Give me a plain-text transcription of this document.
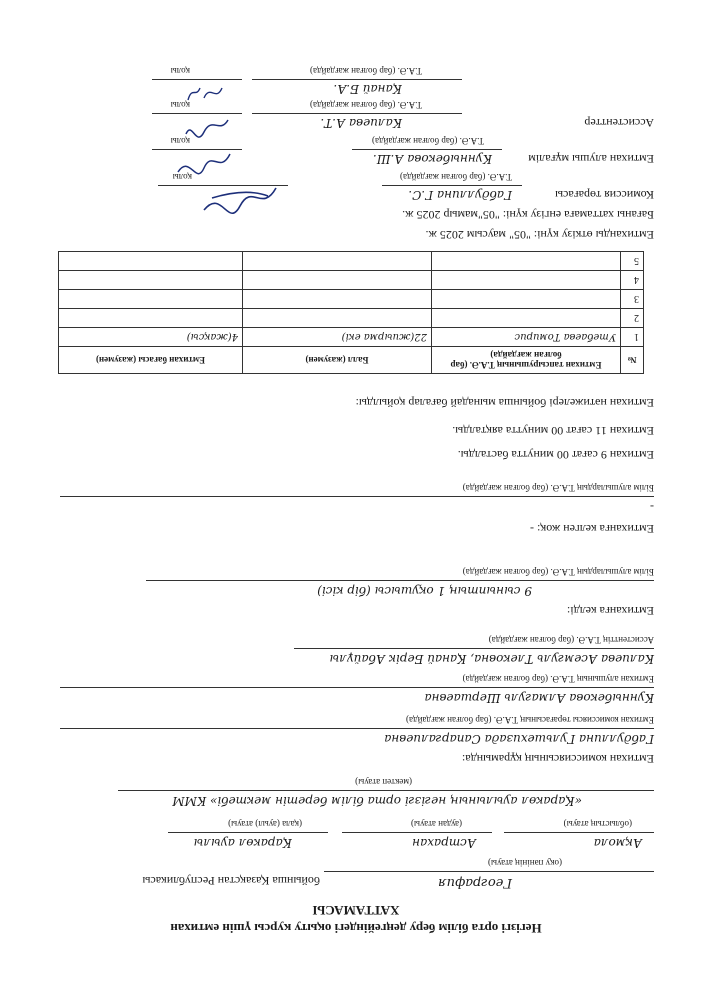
Негізгі орта білім беру деңгейіндегі оқыту курсы үшін емтихан
ХАТТАМАСЫ
География
бойынша Қазақстан Республикасы
(оқу пәнінің атауы)
Ақмола
Астрахан
Қаракөл ауылы
(облыстың атауы)
(аудан атауы)
(қала (ауыл) атауы)
«Қаракөл ауылының негізгі орта білім беретін мектебі» КММ
(мектеп атауы)
Емтихан комиссиясының құрамында:
Габдуллина Гульшехизада Сапаргалиевна
Емтихан комиссиясы төрағасының Т.А.Ә. (бар болған жағдайда)
Кунныбекова Алмагуль Шершаевна
Емтихан алушының Т.А.Ә. (бар болған жағдайда)
Калиева Асемгуль Тлековна, Қанай Берік Абайұлы
Ассистенттің Т.А.Ә. (бар болған жағдайда)
Емтиханға келді:
9 сыныптың 1 оқушысы (бір кісі)
Білім алушылардың Т.А.Ә. (бар болған жағдайда)
Емтиханға келген жоқ: -
-
Білім алушылардың Т.А.Ә. (бар болған жағдайда)
Емтихан 9 сағат 00 минутта басталды.
Емтихан 11 сағат 00 минутта аяқталды.
Емтихан нәтижелері бойынша мынадай бағалар қойылды:
№	Емтихан тапсырушының Т.А.Ә. (бар болған жағдайда)	Балл (жазумен)	Емтихан бағасы (жазумен)
1	Утебаева Томирис	22(жиырма екі)	4(жақсы)
2			
3			
4			
5			
Емтиханды өткізу күні: "05" маусым 2025 ж.
Бағаны хаттамаға енгізу күні: "05"мамыр 2025 ж.
Комиссия төрағасы
Габдуллина Г.С.
қолы	Т.А.Ә. (бар болған жағдайда)
Емтихан алушы мұғалім
Кунныбекова А.Ш.
Т.А.Ә. (бар болған жағдайда)
қолы
Ассистенттер
Калиева А.Т.
Т.А.Ә. (бар болған жағдайда)
қолы
Қанай Б.А.
Т.А.Ә. (бар болған жағдайда)
қолы
